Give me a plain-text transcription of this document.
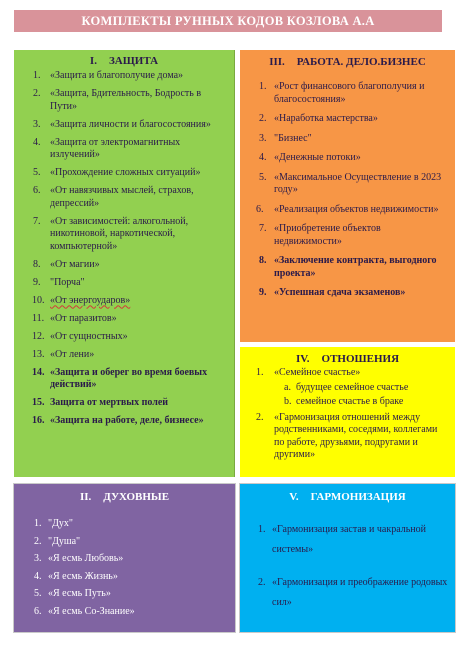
КОМПЛЕКТЫ РУННЫХ КОДОВ КОЗЛОВА А.А
I. ЗАЩИТА
1. «Защита и благополучие дома»
2. «Защита, Бдительность, Бодрость в Пути»
3. «Защита личности и благосостояния»
4. «Защита от электромагнитных излучений»
5. «Прохождение сложных ситуаций»
6. «От навязчивых мыслей, страхов, депрессий»
7. «От зависимостей: алкогольной, никотиновой, наркотической, компьютерной»
8. «От магии»
9. "Порча"
10. «От энергоударов»
11. «От паразитов»
12. «От сущностных»
13. «От лени»
14. «Защита и оберег во время боевых действий»
15. Защита от мертвых полей
16. «Защита на работе, деле, бизнесе»
III. РАБОТА. ДЕЛО.БИЗНЕС
1. «Рост финансового благополучия и благосостояния»
2. «Наработка мастерства»
3. "Бизнес"
4. «Денежные потоки»
5. «Максимальное Осуществление в 2023 году»
6. «Реализация объектов недвижимости»
7. «Приобретение объектов недвижимости»
8. «Заключение контракта, выгодного проекта»
9. «Успешная сдача экзаменов»
IV. ОТНОШЕНИЯ
1. «Семейное счастье»
a. будущее семейное счастье
b. семейное счастье в браке
2. «Гармонизация отношений между родственниками, соседями, коллегами по работе, друзьями, подругами и другими»
II. ДУХОВНЫЕ
1. "Дух"
2. "Душа"
3. «Я есмь Любовь»
4. «Я есмь Жизнь»
5. «Я есмь Путь»
6. «Я есмь Со-Знание»
V. ГАРМОНИЗАЦИЯ
1. «Гармонизация застав и чакральной системы»
2. «Гармонизация и преображение родовых сил»
